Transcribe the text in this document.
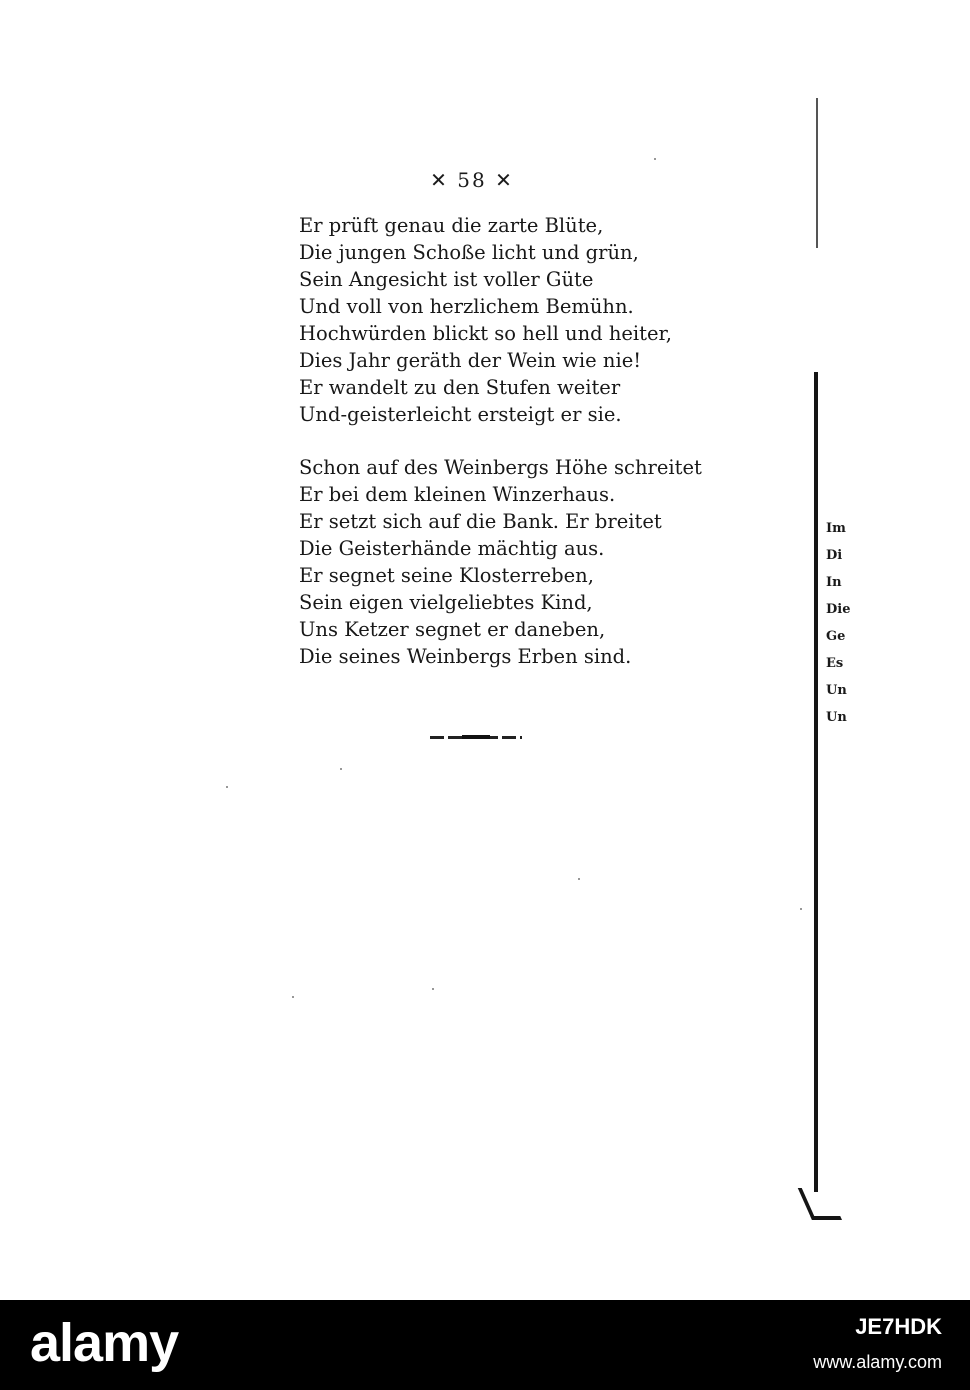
✕ 58 ✕
Er prüft genau die zarte Blüte,
Die jungen Schoße licht und grün,
Sein Angesicht ist voller Güte
Und voll von herzlichem Bemühn.
Hochwürden blickt so hell und heiter,
Dies Jahr geräth der Wein wie nie!
Er wandelt zu den Stufen weiter
Und-geisterleicht ersteigt er sie.
Schon auf des Weinbergs Höhe schreitet
Er bei dem kleinen Winzerhaus.
Er setzt sich auf die Bank. Er breitet
Die Geisterhände mächtig aus.
Er segnet seine Klosterreben,
Sein eigen vielgeliebtes Kind,
Uns Ketzer segnet er daneben,
Die seines Weinbergs Erben sind.
Im
Di
In
Die
Ge
Es
Un
Un
alamy	JE7HDK
www.alamy.com
